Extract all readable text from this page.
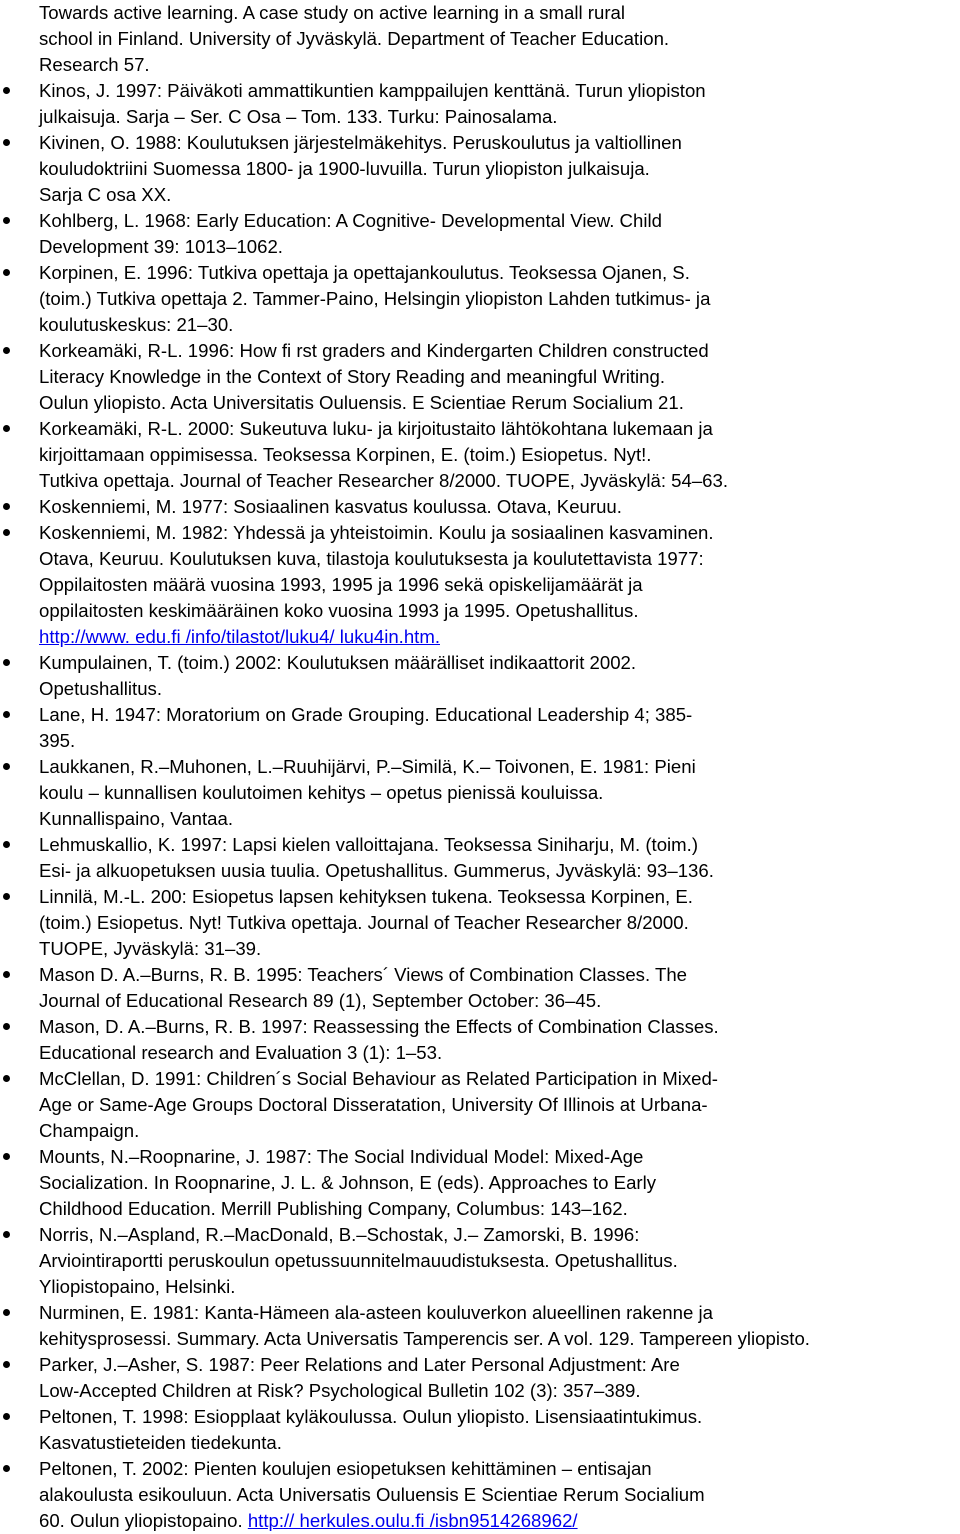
Towards active learning. A case study on active learning in a small rural
school in Finland. University of Jyväskylä. Department of Teacher Education.
Research 57.
Kinos, J. 1997: Päiväkoti ammattikuntien kamppailujen kenttänä. Turun yliopiston
julkaisuja. Sarja – Ser. C Osa – Tom. 133. Turku: Painosalama.
Kivinen, O. 1988: Koulutuksen järjestelmäkehitys. Peruskoulutus ja valtiollinen
kouludoktriini Suomessa 1800- ja 1900-luvuilla. Turun yliopiston julkaisuja.
Sarja C osa XX.
Kohlberg, L. 1968: Early Education: A Cognitive- Developmental View. Child
Development 39: 1013–1062.
Korpinen, E. 1996: Tutkiva opettaja ja opettajankoulutus. Teoksessa Ojanen, S.
(toim.) Tutkiva opettaja 2. Tammer-Paino, Helsingin yliopiston Lahden tutkimus- ja
koulutuskeskus: 21–30.
Korkeamäki, R-L. 1996: How fi rst graders and Kindergarten Children constructed
Literacy Knowledge in the Context of Story Reading and meaningful Writing.
Oulun yliopisto. Acta Universitatis Ouluensis. E Scientiae Rerum Socialium 21.
Korkeamäki, R-L. 2000: Sukeutuva luku- ja kirjoitustaito lähtökohtana lukemaan ja
kirjoittamaan oppimisessa. Teoksessa Korpinen, E. (toim.) Esiopetus. Nyt!.
Tutkiva opettaja. Journal of Teacher Researcher 8/2000. TUOPE, Jyväskylä: 54–63.
Koskenniemi, M. 1977: Sosiaalinen kasvatus koulussa. Otava, Keuruu.
Koskenniemi, M. 1982: Yhdessä ja yhteistoimin. Koulu ja sosiaalinen kasvaminen.
Otava, Keuruu. Koulutuksen kuva, tilastoja koulutuksesta ja koulutettavista 1977:
Oppilaitosten määrä vuosina 1993, 1995 ja 1996 sekä opiskelijamäärät ja
oppilaitosten keskimääräinen koko vuosina 1993 ja 1995. Opetushallitus.
http://www. edu.fi /info/tilastot/luku4/ luku4in.htm.
Kumpulainen, T. (toim.) 2002: Koulutuksen määrälliset indikaattorit 2002.
Opetushallitus.
Lane, H. 1947: Moratorium on Grade Grouping. Educational Leadership 4; 385-
395.
Laukkanen, R.–Muhonen, L.–Ruuhijärvi, P.–Similä, K.– Toivonen, E. 1981: Pieni
koulu – kunnallisen koulutoimen kehitys – opetus pienissä kouluissa.
Kunnallispaino, Vantaa.
Lehmuskallio, K. 1997: Lapsi kielen valloittajana. Teoksessa Siniharju, M. (toim.)
Esi- ja alkuopetuksen uusia tuulia. Opetushallitus. Gummerus, Jyväskylä: 93–136.
Linnilä, M.-L. 200: Esiopetus lapsen kehityksen tukena. Teoksessa Korpinen, E.
(toim.) Esiopetus. Nyt! Tutkiva opettaja. Journal of Teacher Researcher 8/2000.
TUOPE, Jyväskylä: 31–39.
Mason D. A.–Burns, R. B. 1995: Teachers´ Views of Combination Classes. The
Journal of Educational Research 89 (1), September October: 36–45.
Mason, D. A.–Burns, R. B. 1997: Reassessing the Effects of Combination Classes.
Educational research and Evaluation 3 (1): 1–53.
McClellan, D. 1991: Children´s Social Behaviour as Related Participation in Mixed-
Age or Same-Age Groups Doctoral Disseratation, University Of Illinois at Urbana-
Champaign.
Mounts, N.–Roopnarine, J. 1987: The Social Individual Model: Mixed-Age
Socialization. In Roopnarine, J. L. & Johnson, E (eds). Approaches to Early
Childhood Education. Merrill Publishing Company, Columbus: 143–162.
Norris, N.–Aspland, R.–MacDonald, B.–Schostak, J.– Zamorski, B. 1996:
Arviointiraportti peruskoulun opetussuunnitelmauudistuksesta. Opetushallitus.
Yliopistopaino, Helsinki.
Nurminen, E. 1981: Kanta-Hämeen ala-asteen kouluverkon alueellinen rakenne ja
kehitysprosessi. Summary. Acta Universatis Tamperencis ser. A vol. 129. Tampereen yliopisto.
Parker, J.–Asher, S. 1987: Peer Relations and Later Personal Adjustment: Are
Low-Accepted Children at Risk? Psychological Bulletin 102 (3): 357–389.
Peltonen, T. 1998: Esiopplaat kyläkoulussa. Oulun yliopisto. Lisensiaatintukimus.
Kasvatustieteiden tiedekunta.
Peltonen, T. 2002: Pienten koulujen esiopetuksen kehittäminen – entisajan
alakoulusta esikouluun. Acta Universatis Ouluensis E Scientiae Rerum Socialium
60. Oulun yliopistopaino. http:// herkules.oulu.fi /isbn9514268962/
